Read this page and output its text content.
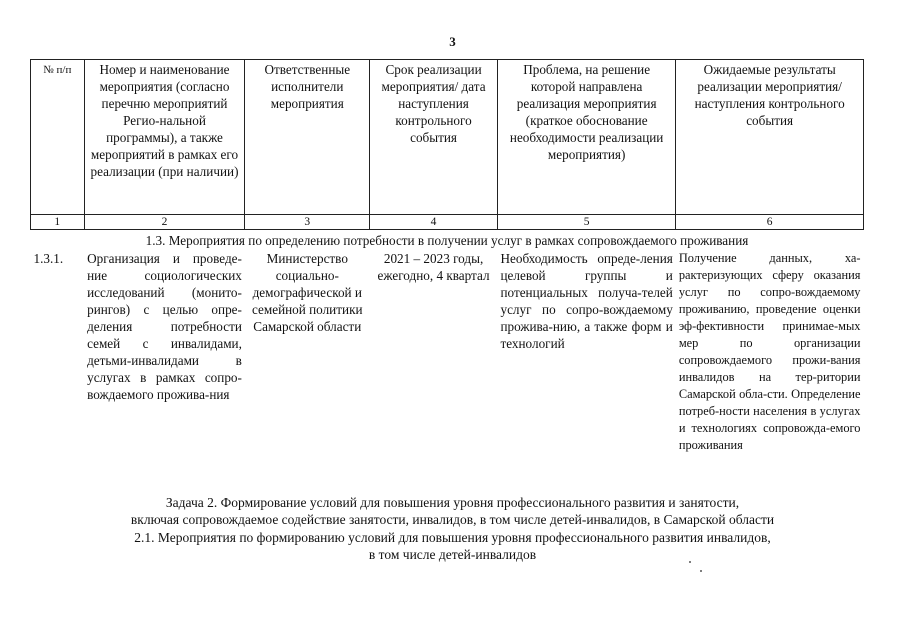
3
№ п/п	Номер и наименование мероприятия (согласно перечню мероприятий Регио-нальной программы), а также мероприятий в рамках его реализации (при наличии)	Ответственные исполнители мероприятия	Срок реализации мероприятия/ дата наступления контрольного события	Проблема, на решение которой направлена реализация мероприятия (краткое обоснование необходимости реализации мероприятия)	Ожидаемые результаты реализации мероприятия/ наступления контрольного события
1	2	3	4	5	6
1.3. Мероприятия по определению потребности в получении услуг в рамках сопровождаемого проживания					
1.3.1.	Организация и проведе-ние социологических исследований (монито-рингов) с целью опре-деления потребности семей с инвалидами, детьми-инвалидами в услугах в рамках сопро-вождаемого прожива-ния	Министерство социально-демографической и семейной политики Самарской области	2021 – 2023 годы, ежегодно, 4 квартал	Необходимость опреде-ления целевой группы и потенциальных получа-телей услуг по сопро-вождаемому прожива-нию, а также форм и технологий	Получение данных, ха-рактеризующих сферу оказания услуг по сопро-вождаемому проживанию, проведение оценки эф-фективности принимае-мых мер по организации сопровождаемого прожи-вания инвалидов на тер-ритории Самарской обла-сти. Определение потреб-ности населения в услугах и технологиях сопровожда-емого проживания
Задача 2. Формирование условий для повышения уровня профессионального развития и занятости,
включая сопровождаемое содействие занятости, инвалидов, в том числе детей-инвалидов, в Самарской области
2.1. Мероприятия по формированию условий для повышения уровня профессионального развития инвалидов,
в том числе детей-инвалидов
